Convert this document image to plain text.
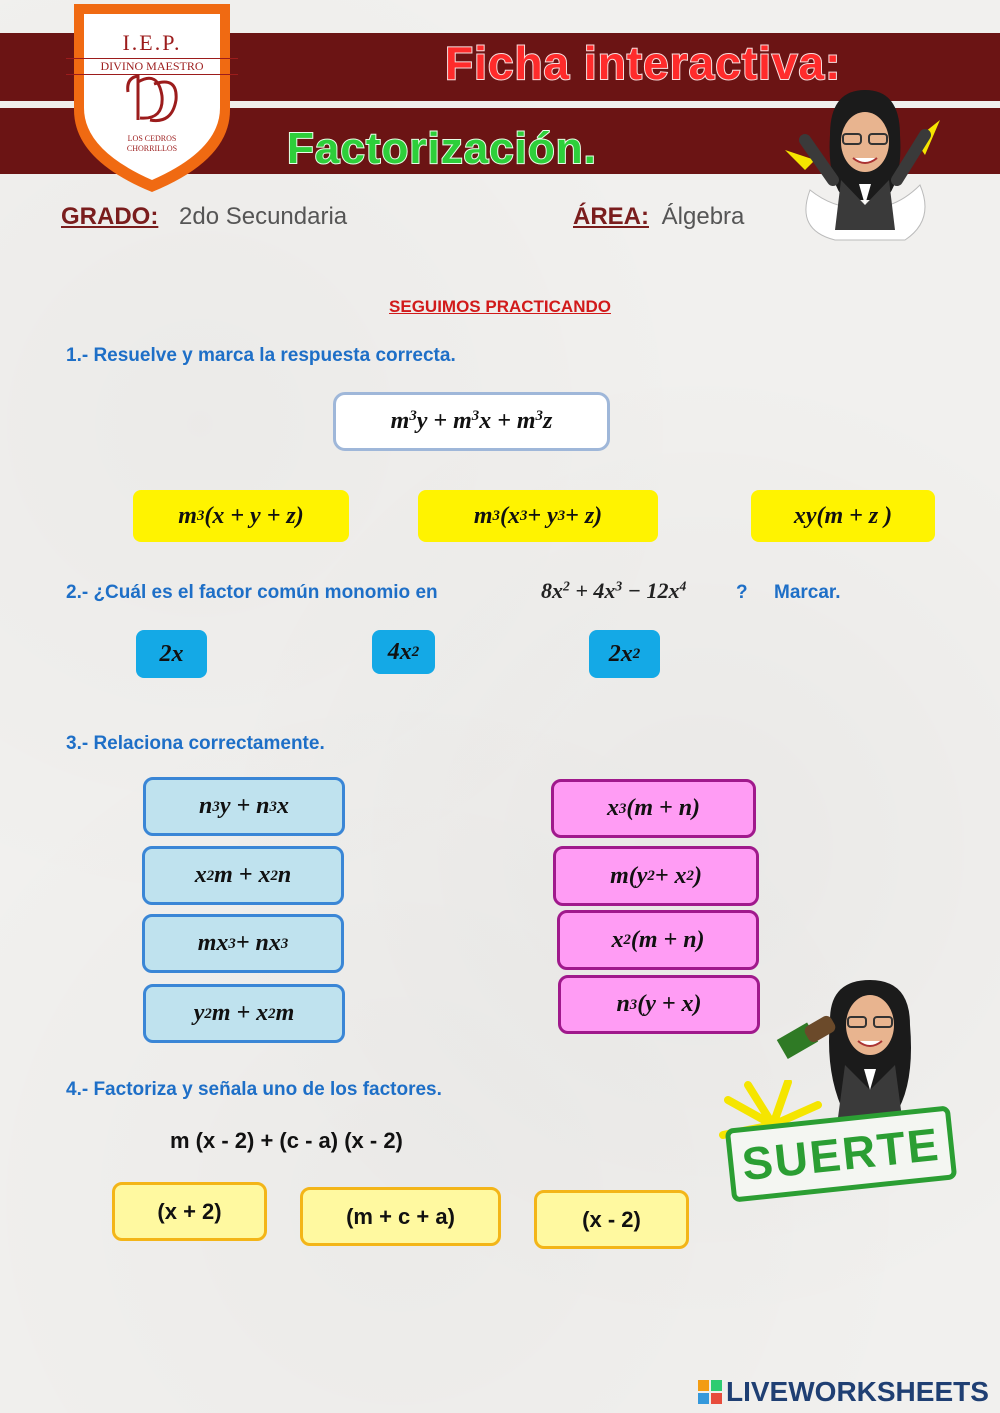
I.E.P.
DIVINO MAESTRO
LOS CEDROS
CHORRILLOS
Ficha interactiva:
Factorización.
GRADO: 2do Secundaria	ÁREA: Álgebra
SEGUIMOS PRACTICANDO
1.- Resuelve y marca la respuesta correcta.
$m^3y + m^3x + m^3z$
m 3 (x + y + z)	m 3 (x 3 + y 3 + z)	xy(m + z )
2.- ¿Cuál es el factor común monomio en	$8x^2 + 4x^3 - 12x^4$	? Marcar.
2x	4x 2	2x 2
3.- Relaciona correctamente.
n 3 y + n 3 x
x 2 m + x 2 n
mx 3 + nx 3
y 2 m + x 2 m
x 3 (m + n)
m(y 2 + x 2 )
x 2 (m + n)
n 3 (y + x)
4.- Factoriza y señala uno de los factores.
m (x - 2) + (c - a) (x - 2)
(x + 2)	(m + c + a)	(x - 2)
SUERTE
LIVEWORKSHEETS
